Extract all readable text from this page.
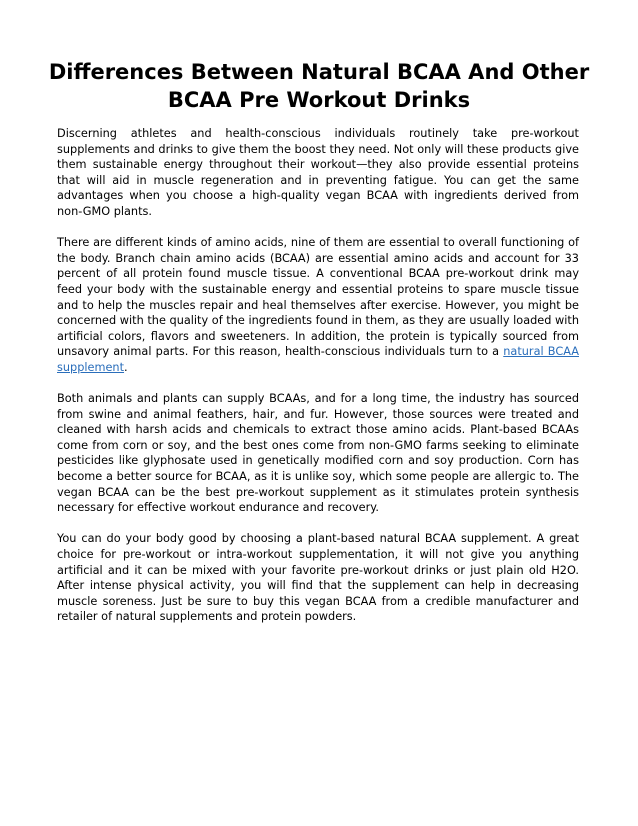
Differences Between Natural BCAA And Other BCAA Pre Workout Drinks

Discerning athletes and health-conscious individuals routinely take pre-workout supplements and drinks to give them the boost they need. Not only will these products give them sustainable energy throughout their workout—they also provide essential proteins that will aid in muscle regeneration and in preventing fatigue. You can get the same advantages when you choose a high-quality vegan BCAA with ingredients derived from non-GMO plants.

There are different kinds of amino acids, nine of them are essential to overall functioning of the body. Branch chain amino acids (BCAA) are essential amino acids and account for 33 percent of all protein found muscle tissue. A conventional BCAA pre-workout drink may feed your body with the sustainable energy and essential proteins to spare muscle tissue and to help the muscles repair and heal themselves after exercise. However, you might be concerned with the quality of the ingredients found in them, as they are usually loaded with artificial colors, flavors and sweeteners. In addition, the protein is typically sourced from unsavory animal parts. For this reason, health-conscious individuals turn to a natural BCAA supplement.

Both animals and plants can supply BCAAs, and for a long time, the industry has sourced from swine and animal feathers, hair, and fur. However, those sources were treated and cleaned with harsh acids and chemicals to extract those amino acids. Plant-based BCAAs come from corn or soy, and the best ones come from non-GMO farms seeking to eliminate pesticides like glyphosate used in genetically modified corn and soy production. Corn has become a better source for BCAA, as it is unlike soy, which some people are allergic to. The vegan BCAA can be the best pre-workout supplement as it stimulates protein synthesis necessary for effective workout endurance and recovery.

You can do your body good by choosing a plant-based natural BCAA supplement. A great choice for pre-workout or intra-workout supplementation, it will not give you anything artificial and it can be mixed with your favorite pre-workout drinks or just plain old H2O. After intense physical activity, you will find that the supplement can help in decreasing muscle soreness. Just be sure to buy this vegan BCAA from a credible manufacturer and retailer of natural supplements and protein powders.
